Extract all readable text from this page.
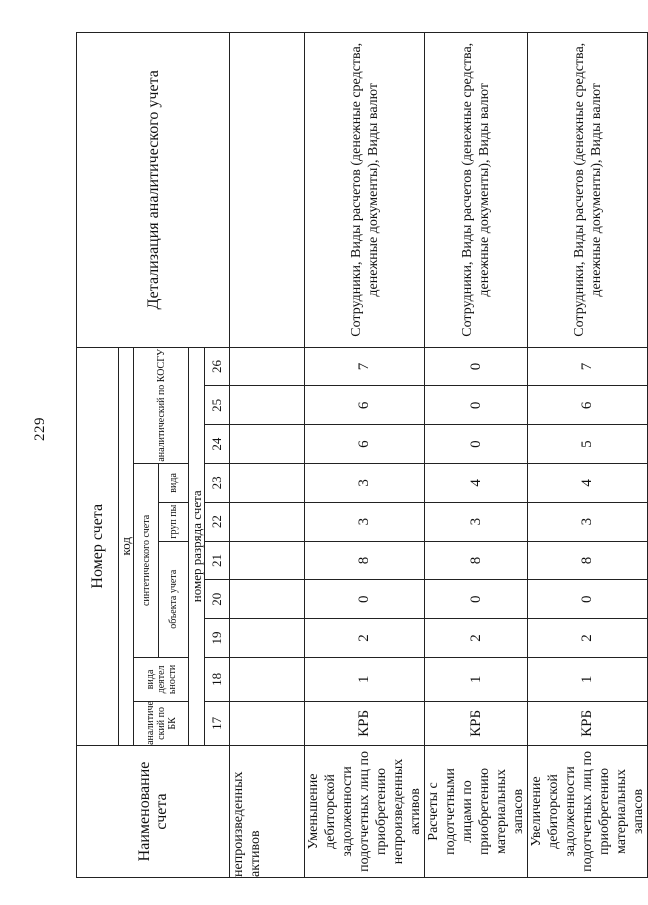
229
Наименование счета	Номер счета										Детализация аналитического учета
	код										
	аналитиче ский по БК	вида деятел ьности	синтетического счета					аналитический по КОСГУ			
			объекта учета			груп пы	вида				
	номер разряда счета										
	17	18	19	20	21	22	23	24	25	26	
непроизведенных активов											
Уменьшение дебиторской задолженности подотчетных лиц по приобретению непроизведенных активов	КРБ	1	2	0	8	3	3	6	6	7	Сотрудники, Виды расчетов (денежные средства, денежные документы), Виды валют
Расчеты с подотчетными лицами по приобретению материальных запасов	КРБ	1	2	0	8	3	4	0	0	0	Сотрудники, Виды расчетов (денежные средства, денежные документы), Виды валют
Увеличение дебиторской задолженности подотчетных лиц по приобретению материальных запасов	КРБ	1	2	0	8	3	4	5	6	7	Сотрудники, Виды расчетов (денежные средства, денежные документы), Виды валют
